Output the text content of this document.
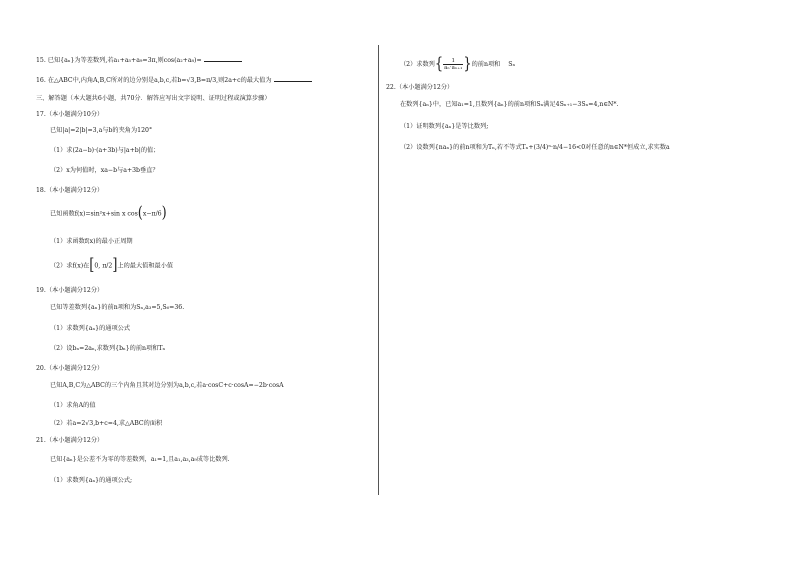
15. 已知{aₙ}为等差数列,若a₁+a₅+a₉=3π,则cos(a₂+a₈)=
16. 在△ABC中,内角A,B,C所对的边分别是a,b,c,若b=√3,B=π/3,则2a+c的最大值为
三、解答题（本大题共6小题，共70分．解答应写出文字说明、证明过程或演算步骤）
17.（本小题满分10分）
已知|a|=2|b|=3,a与b的夹角为120°
（1）求(2a−b)·(a+3b)与|a+b|的值；
（2）x为何值时，xa−b与a+3b垂直？
18.（本小题满分12分）
已知函数f(x)=sin²x+sin x cos(x−π/6)
（1）求函数f(x)的最小正周期
（2）求f(x)在[0, π/2]上的最大值和最小值
19.（本小题满分12分）
已知等差数列{aₙ}的前n项和为Sₙ,a₃=5,S₆=36.
（1）求数列{aₙ}的通项公式
（2）设bₙ=2aₙ,求数列{bₙ}的前n项和Tₙ
20.（本小题满分12分）
已知A,B,C为△ABC的三个内角且其对边分别为a,b,c,若a·cosC+c·cosA=−2b·cosA
（1）求角A的值
（2）若a=2√3,b+c=4,求△ABC的面积
21.（本小题满分12分）
已知{aₙ}是公差不为零的等差数列，a₁=1,且a₁,a₃,a₉成等比数列.
（1）求数列{aₙ}的通项公式;
（2）求数列{ $\frac{1}{\text{aₙ·aₙ₊₁}}$ }的前n项和 Sₙ
22.（本小题满分12分）
在数列{aₙ}中，已知a₁=1,且数列{aₙ}的前n项和Sₙ满足4Sₙ₊₁−3Sₙ=4,n∈N*.
（1）证明数列{aₙ}是等比数列;
（2）设数列{naₙ}的前n项和为Tₙ,若不等式Tₙ+(3/4)ⁿ·n/4−16<0对任意的n∈N*恒成立,求实数a
